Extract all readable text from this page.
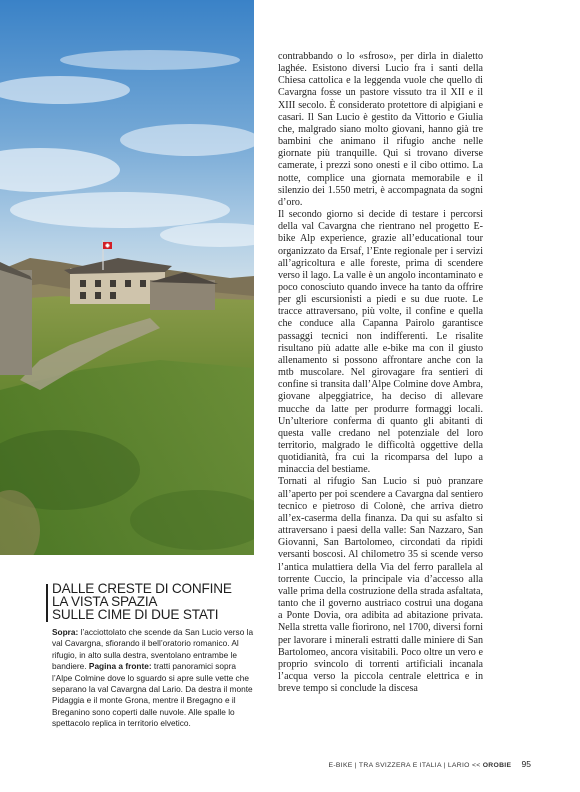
DALLE CRESTE DI CONFINE
LA VISTA SPAZIA
SULLE CIME DI DUE STATI

Sopra: l’acciottolato che scende da San Lucio verso la val Cavargna, sfiorando il bell’oratorio romanico. Al rifugio, in alto sulla destra, sventolano entrambe le bandiere. Pagina a fronte: tratti panoramici sopra l’Alpe Colmine dove lo sguardo si apre sulle vette che separano la val Cavargna dal Lario. Da destra il monte Pidaggia e il monte Grona, mentre il Bregagno e il Breganino sono coperti dalle nuvole. Alle spalle lo spettacolo replica in territorio elvetico.

contrabbando o lo «sfroso», per dirla in dialetto laghée. Esistono diversi Lucio fra i santi della Chiesa cattolica e la leggenda vuole che quello di Cavargna fosse un pastore vissuto tra il XII e il XIII secolo. È considerato protettore di alpigiani e casari. Il San Lucio è gestito da Vittorio e Giulia che, malgrado siano molto giovani, hanno già tre bambini che animano il rifugio anche nelle giornate più tranquille. Qui si trovano diverse camerate, i prezzi sono onesti e il cibo ottimo. La notte, complice una giornata memorabile e il silenzio dei 1.550 metri, è accompagnata da sogni d’oro.

Il secondo giorno si decide di testare i percorsi della val Cavargna che rientrano nel progetto E-bike Alp experience, grazie all’educational tour organizzato da Ersaf, l’Ente regionale per i servizi all’agricoltura e alle foreste, prima di scendere verso il lago. La valle è un angolo incontaminato e poco conosciuto quando invece ha tanto da offrire per gli escursionisti a piedi e su due ruote. Le tracce attraversano, più volte, il confine e quella che conduce alla Capanna Pairolo garantisce passaggi tecnici non indifferenti. Le risalite risultano più adatte alle e-bike ma con il giusto allenamento si possono affrontare anche con la mtb muscolare. Nel girovagare fra sentieri di confine si transita dall’Alpe Colmine dove Ambra, giovane alpeggiatrice, ha deciso di allevare mucche da latte per produrre formaggi locali. Un’ulteriore conferma di quanto gli abitanti di questa valle credano nel potenziale del loro territorio, malgrado le difficoltà oggettive della quotidianità, fra cui la ricomparsa del lupo a minaccia del bestiame.

Tornati al rifugio San Lucio si può pranzare all’aperto per poi scendere a Cavargna dal sentiero tecnico e pietroso di Colonè, che arriva dietro all’ex-caserma della finanza. Da qui su asfalto si attraversano i paesi della valle: San Nazzaro, San Giovanni, San Bartolomeo, circondati da ripidi versanti boscosi. Al chilometro 35 si scende verso l’antica mulattiera della Via del ferro parallela al torrente Cuccio, la principale via d’accesso alla valle prima della costruzione della strada asfaltata, tanto che il governo austriaco costruì una dogana a Ponte Dovia, ora adibita ad abitazione privata. Nella stretta valle fiorirono, nel 1700, diversi forni per lavorare i minerali estratti dalle miniere di San Bartolomeo, ancora visitabili. Poco oltre un vero e proprio svincolo di torrenti artificiali incanala l’acqua verso la piccola centrale elettrica e in breve tempo si conclude la discesa

E-BIKE | TRA SVIZZERA E ITALIA | LARIO << OROBIE 95
